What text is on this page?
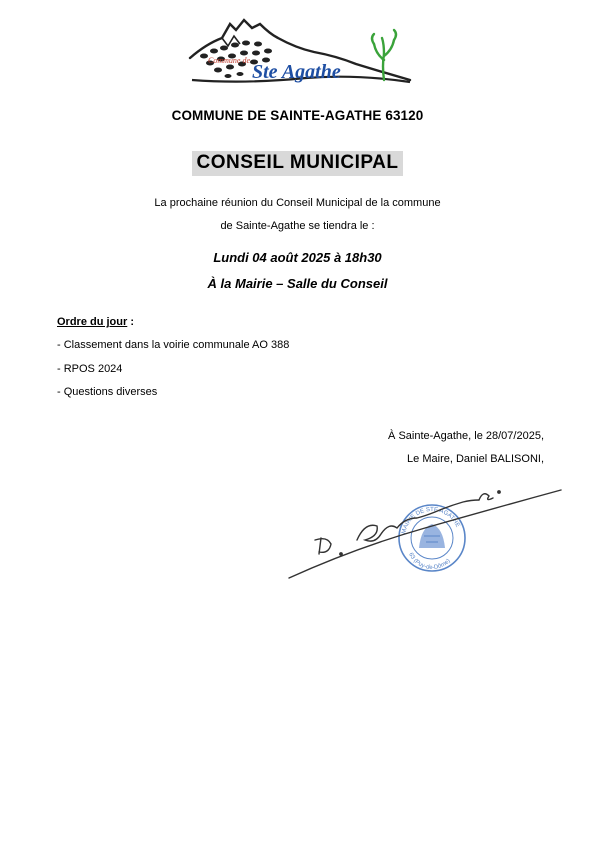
Commune de
Ste Agathe
COMMUNE DE SAINTE-AGATHE 63120
CONSEIL MUNICIPAL
La prochaine réunion du Conseil Municipal de la commune
de Sainte-Agathe se tiendra le :
Lundi 04 août 2025 à 18h30
À la Mairie – Salle du Conseil
Ordre du jour :
- Classement dans la voirie communale AO 388
- RPOS 2024
- Questions diverses
À Sainte-Agathe, le 28/07/2025,
Le Maire, Daniel BALISONI,
MAIRIE DE STE AGATHE
63 (Puy-de-Dôme)
